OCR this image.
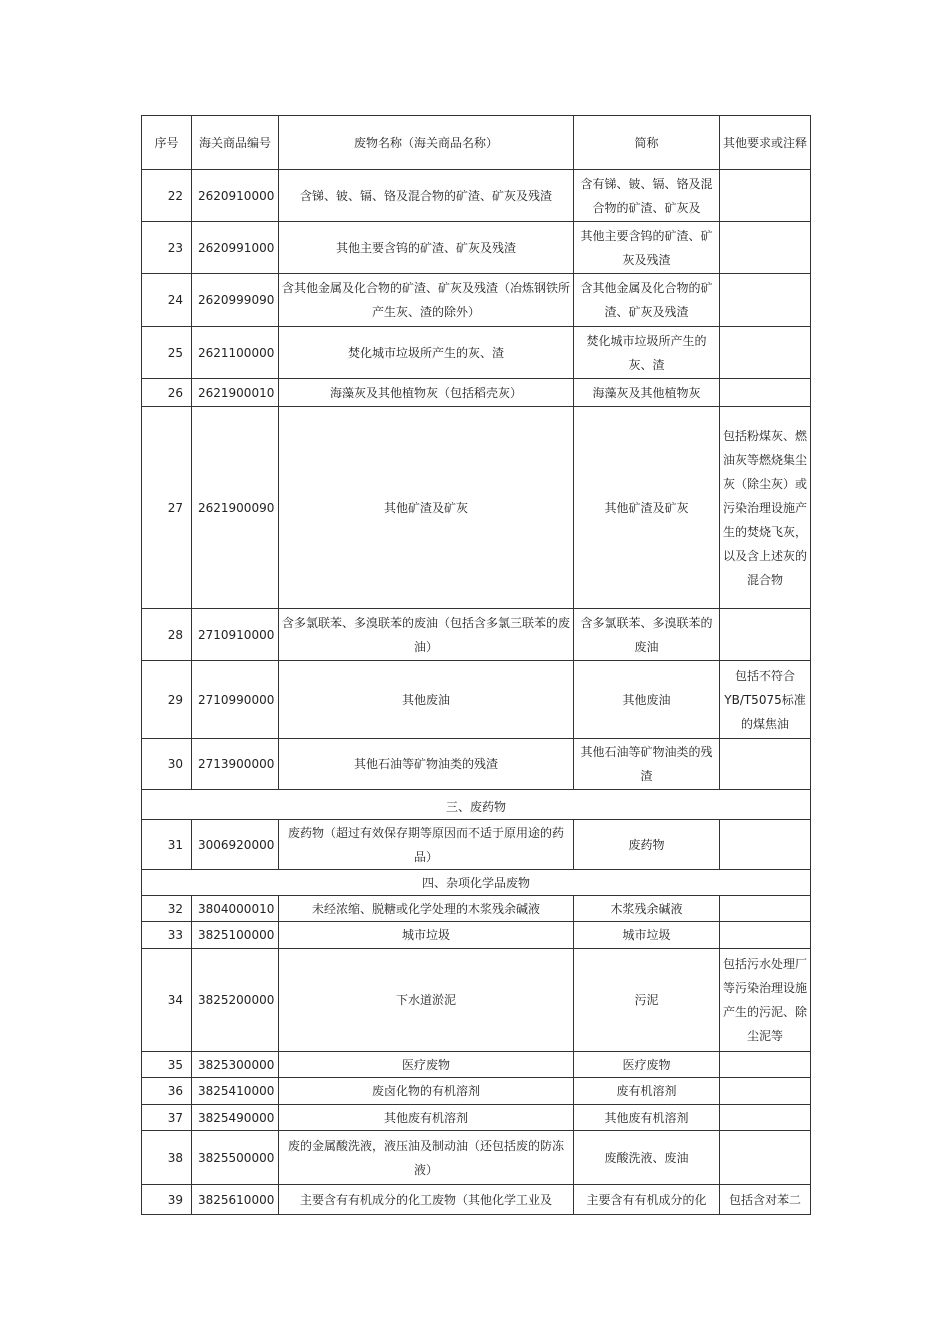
序号	海关商品编号	废物名称（海关商品名称）	简称	其他要求或注释
22	2620910000	含锑、铍、镉、铬及混合物的矿渣、矿灰及残渣	含有锑、铍、镉、铬及混合物的矿渣、矿灰及	
23	2620991000	其他主要含钨的矿渣、矿灰及残渣	其他主要含钨的矿渣、矿
灰及残渣	
24	2620999090	含其他金属及化合物的矿渣、矿灰及残渣（冶炼钢铁所产生灰、渣的除外）	含其他金属及化合物的矿渣、矿灰及残渣	
25	2621100000	焚化城市垃圾所产生的灰、渣	焚化城市垃圾所产生的灰、渣	
26	2621900010	海藻灰及其他植物灰（包括稻壳灰）	海藻灰及其他植物灰	
27	2621900090	其他矿渣及矿灰	其他矿渣及矿灰	包括粉煤灰、燃油灰等燃烧集尘灰（除尘灰）或污染治理设施产生的焚烧飞灰，以及含上述灰的混合物
28	2710910000	含多氯联苯、多溴联苯的废油（包括含多氯三联苯的废油）	含多氯联苯、多溴联苯的
废油	
29	2710990000	其他废油	其他废油	包括不符合YB/T5075标准的煤焦油
30	2713900000	其他石油等矿物油类的残渣	其他石油等矿物油类的残渣	
三、废药物				
31	3006920000	废药物（超过有效保存期等原因而不适于原用途的药品）	废药物	
四、杂项化学品废物				
32	3804000010	未经浓缩、脱糖或化学处理的木浆残余碱液	木浆残余碱液	
33	3825100000	城市垃圾	城市垃圾	
34	3825200000	下水道淤泥	污泥	包括污水处理厂等污染治理设施产生的污泥、除尘泥等
35	3825300000	医疗废物	医疗废物	
36	3825410000	废卤化物的有机溶剂	废有机溶剂	
37	3825490000	其他废有机溶剂	其他废有机溶剂	
38	3825500000	废的金属酸洗液，液压油及制动油（还包括废的防冻液）	废酸洗液、废油	
39	3825610000	主要含有有机成分的化工废物（其他化学工业及	主要含有有机成分的化	包括含对苯二
